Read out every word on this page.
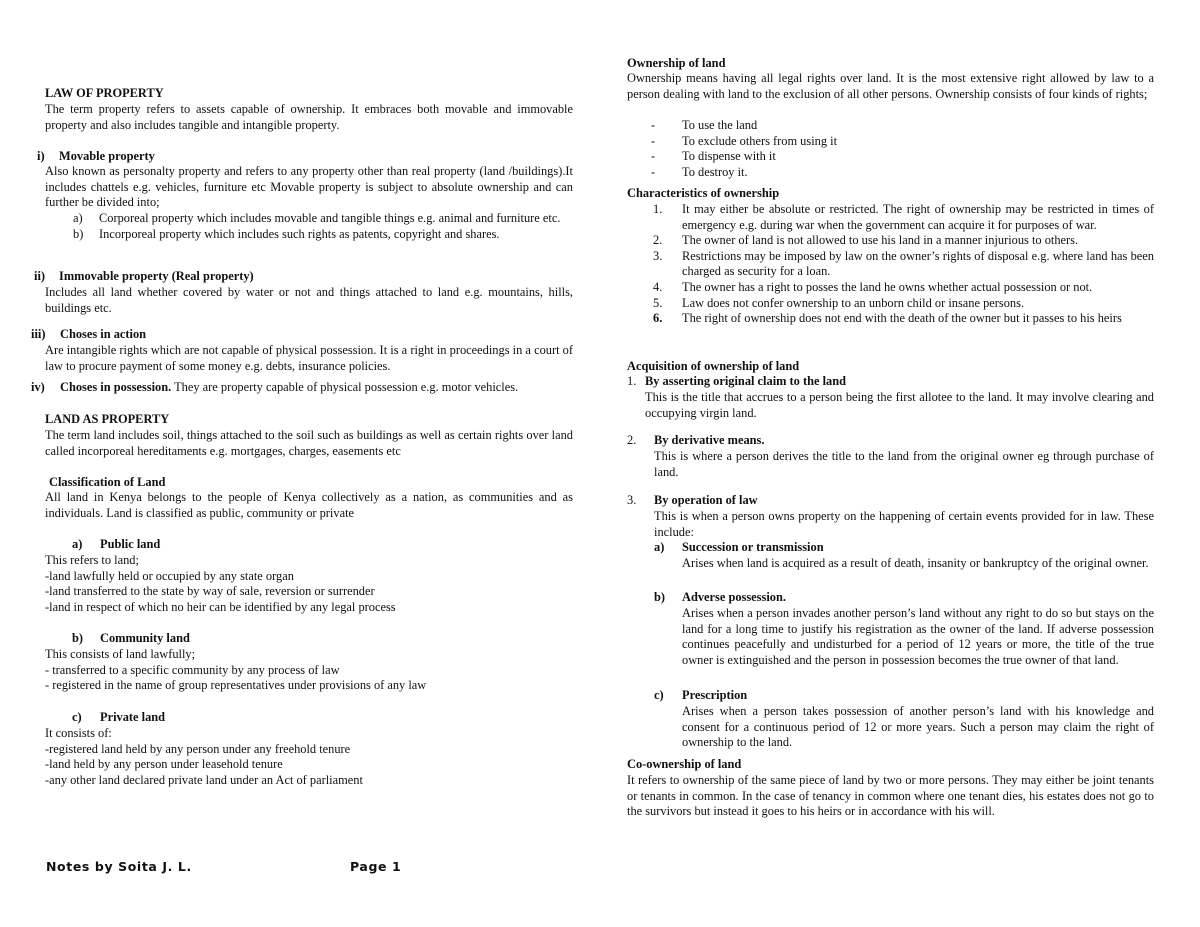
LAW OF PROPERTY
The term property refers to assets capable of ownership. It embraces both movable and immovable property and also includes tangible and intangible property.
i) Movable property
Also known as personalty property and refers to any property other than real property (land /buildings).It includes chattels e.g. vehicles, furniture etc Movable property is subject to absolute ownership and can further be divided into;
a) Corporeal property which includes movable and tangible things e.g. animal and furniture etc.
b) Incorporeal property which includes such rights as patents, copyright and shares.
ii) Immovable property (Real property)
Includes all land whether covered by water or not and things attached to land e.g. mountains, hills, buildings etc.
iii) Choses in action
Are intangible rights which are not capable of physical possession. It is a right in proceedings in a court of law to procure payment of some money e.g. debts, insurance policies.
iv) Choses in possession. They are property capable of physical possession e.g. motor vehicles.
LAND AS PROPERTY
The term land includes soil, things attached to the soil such as buildings as well as certain rights over land called incorporeal hereditaments e.g. mortgages, charges, easements etc
Classification of Land
All land in Kenya belongs to the people of Kenya collectively as a nation, as communities and as individuals. Land is classified as public, community or private
a) Public land
This refers to land;
-land lawfully held or occupied by any state organ
-land transferred to the state by way of sale, reversion or surrender
-land in respect of which no heir can be identified by any legal process
b) Community land
This consists of land lawfully;
- transferred to a specific community by any process of law
- registered in the name of group representatives under provisions of any law
c) Private land
It consists of:
-registered land held by any person under any freehold tenure
-land held by any person under leasehold tenure
-any other land declared private land under an Act of parliament
Ownership of land
Ownership means having all legal rights over land. It is the most extensive right allowed by law to a person dealing with land to the exclusion of all other persons. Ownership consists of four kinds of rights;
- To use the land
- To exclude others from using it
- To dispense with it
- To destroy it.
Characteristics of ownership
1. It may either be absolute or restricted. The right of ownership may be restricted in times of emergency e.g. during war when the government can acquire it for purposes of war.
2. The owner of land is not allowed to use his land in a manner injurious to others.
3. Restrictions may be imposed by law on the owner’s rights of disposal e.g. where land has been charged as security for a loan.
4. The owner has a right to posses the land he owns whether actual possession or not.
5. Law does not confer ownership to an unborn child or insane persons.
6. The right of ownership does not end with the death of the owner but it passes to his heirs
Acquisition of ownership of land
1. By asserting original claim to the land
This is the title that accrues to a person being the first allotee to the land. It may involve clearing and occupying virgin land.
2. By derivative means.
This is where a person derives the title to the land from the original owner eg through purchase of land.
3. By operation of law
This is when a person owns property on the happening of certain events provided for in law. These include:
a) Succession or transmission
Arises when land is acquired as a result of death, insanity or bankruptcy of the original owner.
b) Adverse possession.
Arises when a person invades another person’s land without any right to do so but stays on the land for a long time to justify his registration as the owner of the land. If adverse possession continues peacefully and undisturbed for a period of 12 years or more, the title of the true owner is extinguished and the person in possession becomes the true owner of that land.
c) Prescription
Arises when a person takes possession of another person’s land with his knowledge and consent for a continuous period of 12 or more years. Such a person may claim the right of ownership to the land.
Co-ownership of land
It refers to ownership of the same piece of land by two or more persons. They may either be joint tenants or tenants in common. In the case of tenancy in common where one tenant dies, his estates does not go to the survivors but instead it goes to his heirs or in accordance with his will.
Notes by Soita J. L.	Page 1
